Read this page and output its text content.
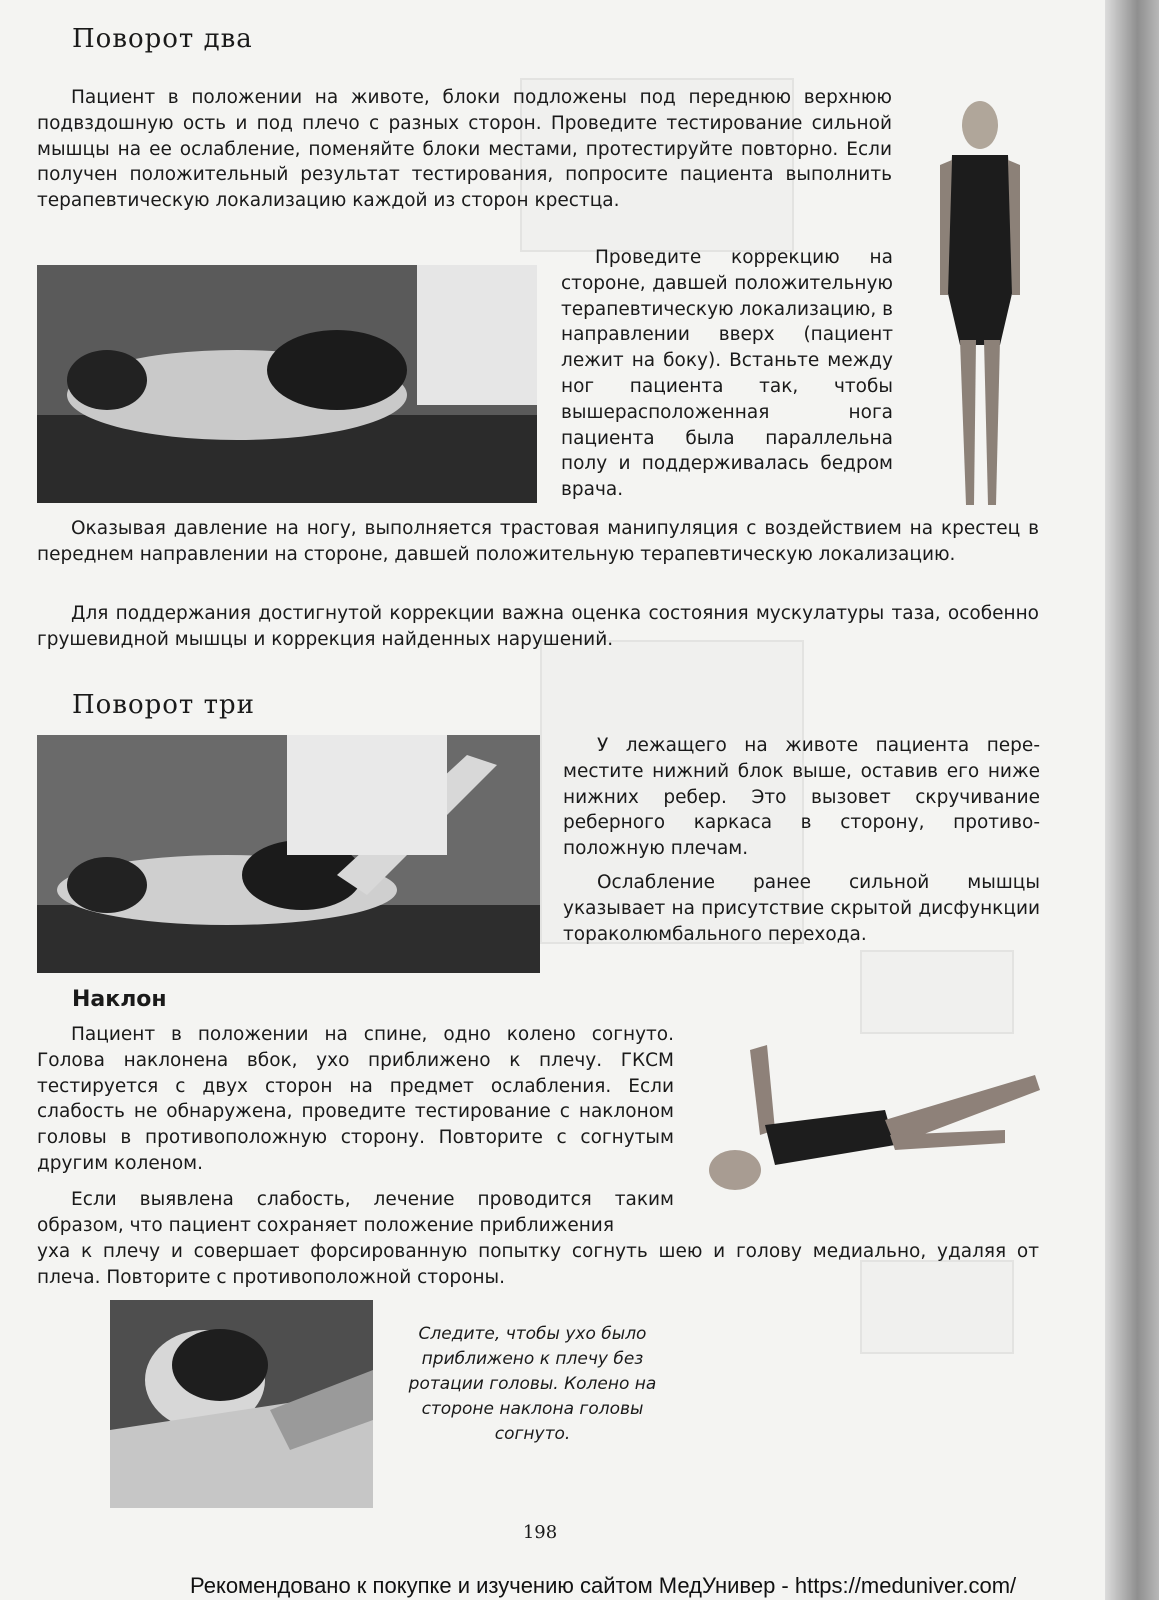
Поворот два

Пациент в положении на животе, блоки подложены под переднюю верхнюю подвздошную ость и под плечо с разных сторон. Проведите тестирование сильной мышцы на ее ослабление, поменяйте блоки местами, протестируйте повторно. Если получен положительный результат тестирования, попросите пациента выполнить терапевтическую локализацию каждой из сторон крестца.

Проведите коррекцию на стороне, давшей положительную терапевтическую локализацию, в направлении вверх (пациент лежит на боку). Встаньте между ног пациента так, чтобы вышерасположенная нога пациента была параллельна полу и поддерживалась бедром врача.

Оказывая давление на ногу, выполняется трастовая манипуляция с воздействием на крестец в переднем направлении на стороне, давшей положительную терапевтическую локализацию.

Для поддержания достигнутой коррекции важна оценка состояния мускулатуры таза, особенно грушевидной мышцы и коррекция найденных нарушений.

Поворот три

У лежащего на животе пациента переместите нижний блок выше, оставив его ниже нижних ребер. Это вызовет скручивание реберного каркаса в сторону, противоположную плечам.

Ослабление ранее сильной мышцы указывает на присутствие скрытой дисфункции тораколюмбального перехода.

Наклон

Пациент в положении на спине, одно колено согнуто. Голова наклонена вбок, ухо приближено к плечу. ГКСМ тестируется с двух сторон на предмет ослабления. Если слабость не обнаружена, проведите тестирование с наклоном головы в противоположную сторону. Повторите с согнутым другим коленом.

Если выявлена слабость, лечение проводится таким образом, что пациент сохраняет положение приближения

уха к плечу и совершает форсированную попытку согнуть шею и голову медиально, удаляя от плеча. Повторите с противоположной стороны.

Следите, чтобы ухо было приближено к плечу без ротации головы. Колено на стороне наклона головы согнуто.

198
Рекомендовано к покупке и изучению сайтом МедУнивер - https://meduniver.com/
